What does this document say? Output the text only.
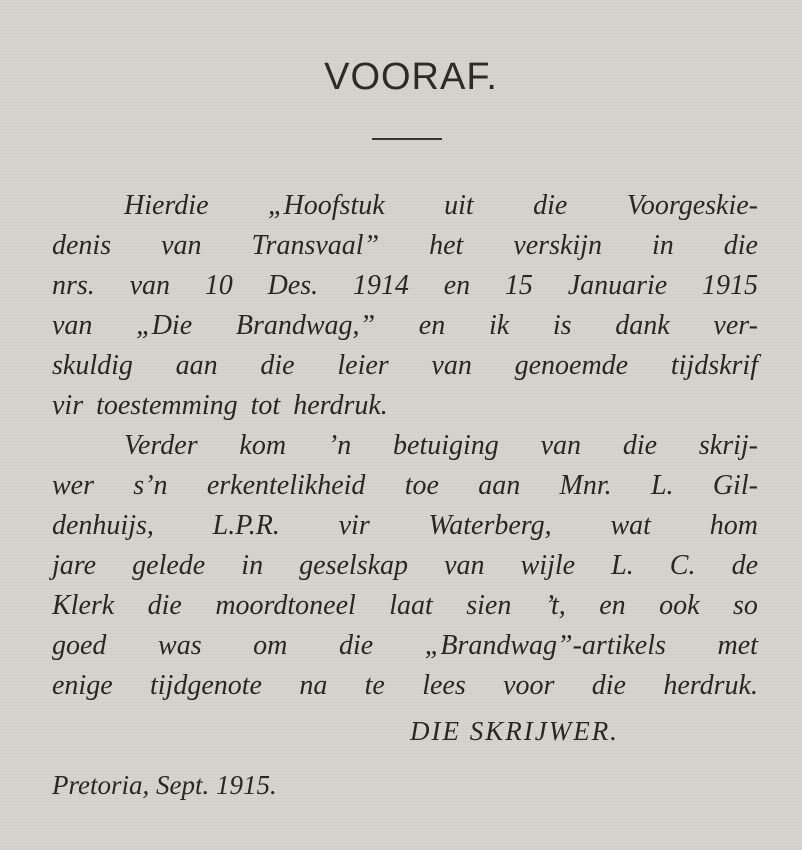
VOORAF.
Hierdie „Hoofstuk uit die Voorgeskie-
denis van Transvaal” het verskijn in die
nrs. van 10 Des. 1914 en 15 Januarie 1915
van „Die Brandwag,” en ik is dank ver-
skuldig aan die leier van genoemde tijdskrif
vir toestemming tot herdruk.
Verder kom ’n betuiging van die skrij-
wer s’n erkentelikheid toe aan Mnr. L. Gil-
denhuijs, L.P.R. vir Waterberg, wat hom
jare gelede in geselskap van wijle L. C. de
Klerk die moordtoneel laat sien ’t, en ook so
goed was om die „Brandwag”-artikels met
enige tijdgenote na te lees voor die herdruk.
DIE SKRIJWER.
Pretoria, Sept. 1915.
